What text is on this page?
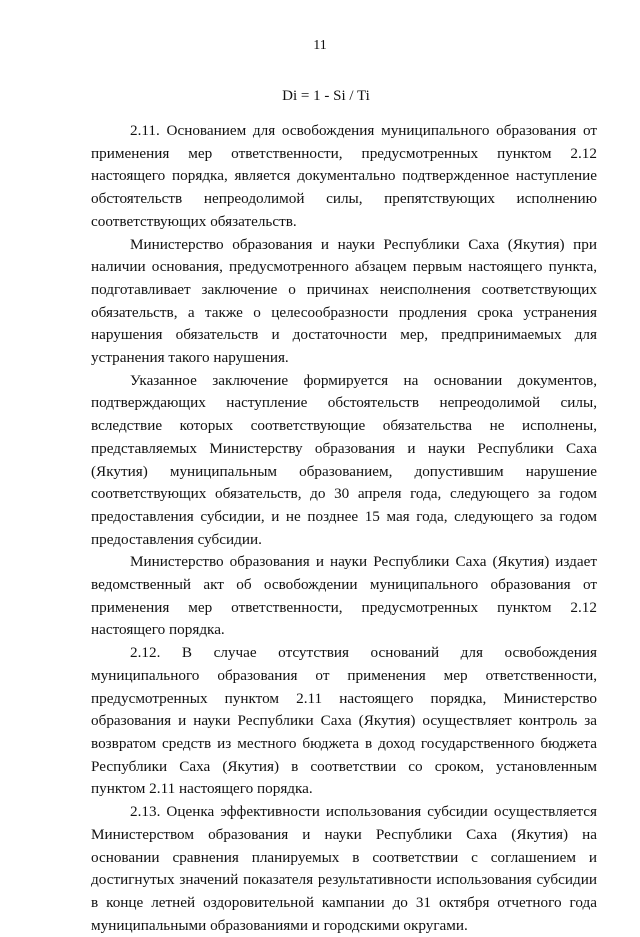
11
Di = 1 - Si / Ti

2.11. Основанием для освобождения муниципального образования от применения мер ответственности, предусмотренных пунктом 2.12 настоящего порядка, является документально подтвержденное наступление обстоятельств непреодолимой силы, препятствующих исполнению соответствующих обязательств.

Министерство образования и науки Республики Саха (Якутия) при наличии основания, предусмотренного абзацем первым настоящего пункта, подготавливает заключение о причинах неисполнения соответствующих обязательств, а также о целесообразности продления срока устранения нарушения обязательств и достаточности мер, предпринимаемых для устранения такого нарушения.

Указанное заключение формируется на основании документов, подтверждающих наступление обстоятельств непреодолимой силы, вследствие которых соответствующие обязательства не исполнены, представляемых Министерству образования и науки Республики Саха (Якутия) муниципальным образованием, допустившим нарушение соответствующих обязательств, до 30 апреля года, следующего за годом предоставления субсидии, и не позднее 15 мая года, следующего за годом предоставления субсидии.

Министерство образования и науки Республики Саха (Якутия) издает ведомственный акт об освобождении муниципального образования от применения мер ответственности, предусмотренных пунктом 2.12 настоящего порядка.

2.12. В случае отсутствия оснований для освобождения муниципального образования от применения мер ответственности, предусмотренных пунктом 2.11 настоящего порядка, Министерство образования и науки Республики Саха (Якутия) осуществляет контроль за возвратом средств из местного бюджета в доход государственного бюджета Республики Саха (Якутия) в соответствии со сроком, установленным пунктом 2.11 настоящего порядка.

2.13. Оценка эффективности использования субсидии осуществляется Министерством образования и науки Республики Саха (Якутия) на основании сравнения планируемых в соответствии с соглашением и достигнутых значений показателя результативности использования субсидии в конце летней оздоровительной кампании до 31 октября отчетного года муниципальными образованиями и городскими округами.
